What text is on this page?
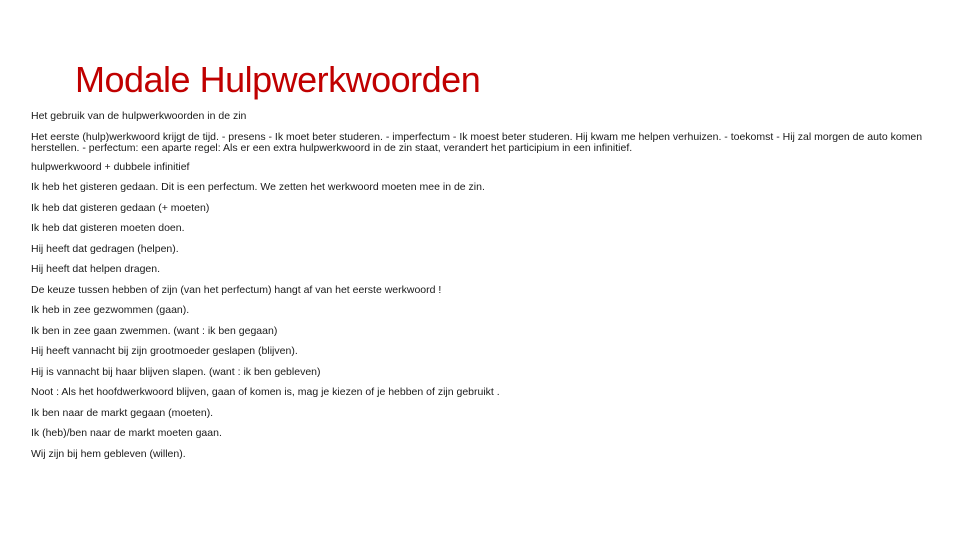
Modale Hulpwerkwoorden

Het gebruik van de hulpwerkwoorden in de zin

Het eerste (hulp)werkwoord krijgt de tijd. - presens - Ik moet beter studeren. - imperfectum - Ik moest beter studeren. Hij kwam me helpen verhuizen. - toekomst - Hij zal morgen de auto komen herstellen. - perfectum: een aparte regel: Als er een extra hulpwerkwoord in de zin staat, verandert het participium in een infinitief.

hulpwerkwoord + dubbele infinitief

Ik heb het gisteren gedaan. Dit is een perfectum. We zetten het werkwoord moeten mee in de zin.

Ik heb dat gisteren gedaan (+ moeten)

Ik heb dat gisteren moeten doen.

Hij heeft dat gedragen (helpen).

Hij heeft dat helpen dragen.

De keuze tussen hebben of zijn (van het perfectum) hangt af van het eerste werkwoord !

Ik heb in zee gezwommen (gaan).

Ik ben in zee gaan zwemmen. (want : ik ben gegaan)

Hij heeft vannacht bij zijn grootmoeder geslapen (blijven).

Hij is vannacht bij haar blijven slapen. (want : ik ben gebleven)

Noot : Als het hoofdwerkwoord blijven, gaan of komen is, mag je kiezen of je hebben of zijn gebruikt .

Ik ben naar de markt gegaan (moeten).

Ik (heb)/ben naar de markt moeten gaan.

Wij zijn bij hem gebleven (willen).
